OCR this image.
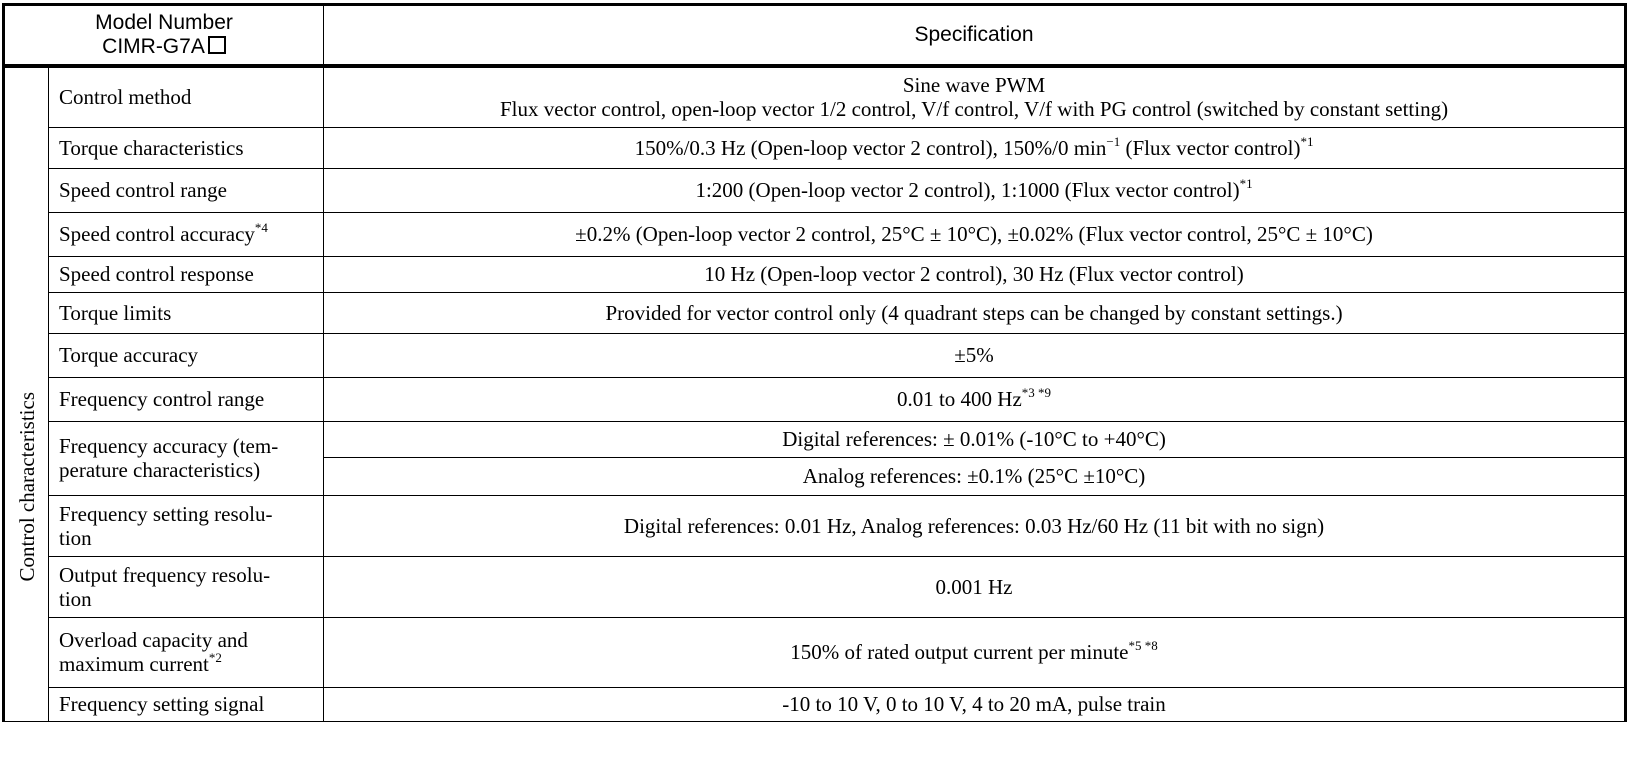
Model Number
CIMR-G7A		Specification
Control characteristics	Control method	Sine wave PWM
Flux vector control, open-loop vector 1/2 control, V/f control, V/f with PG control (switched by constant setting)
	Torque characteristics	150%/0.3 Hz (Open-loop vector 2 control), 150%/0 $\min^{-1}$ (Flux vector control)$^{*1}$
	Speed control range	1:200 (Open-loop vector 2 control), 1:1000 (Flux vector control)$^{*1}$
	Speed control accuracy$^{*4}$	±0.2% (Open-loop vector 2 control, 25°C ± 10°C), ±0.02% (Flux vector control, 25°C ± 10°C)
	Speed control response	10 Hz (Open-loop vector 2 control), 30 Hz (Flux vector control)
	Torque limits	Provided for vector control only (4 quadrant steps can be changed by constant settings.)
	Torque accuracy	±5%
	Frequency control range	0.01 to 400 $Hz^{*3 *9}$
	Frequency accuracy (tem-
perature characteristics)	Digital references: ± 0.01% (-10°C to +40°C)
		Analog references: ±0.1% (25°C ±10°C)
	Frequency setting resolu-
tion	Digital references: 0.01 Hz, Analog references: 0.03 Hz/60 Hz (11 bit with no sign)
	Output frequency resolu-
tion	0.001 Hz
	Overload capacity and
maximum current$^{*2}$	150% of rated output current per minute$^{*5 *8}$
	Frequency setting signal	-10 to 10 V, 0 to 10 V, 4 to 20 mA, pulse train
